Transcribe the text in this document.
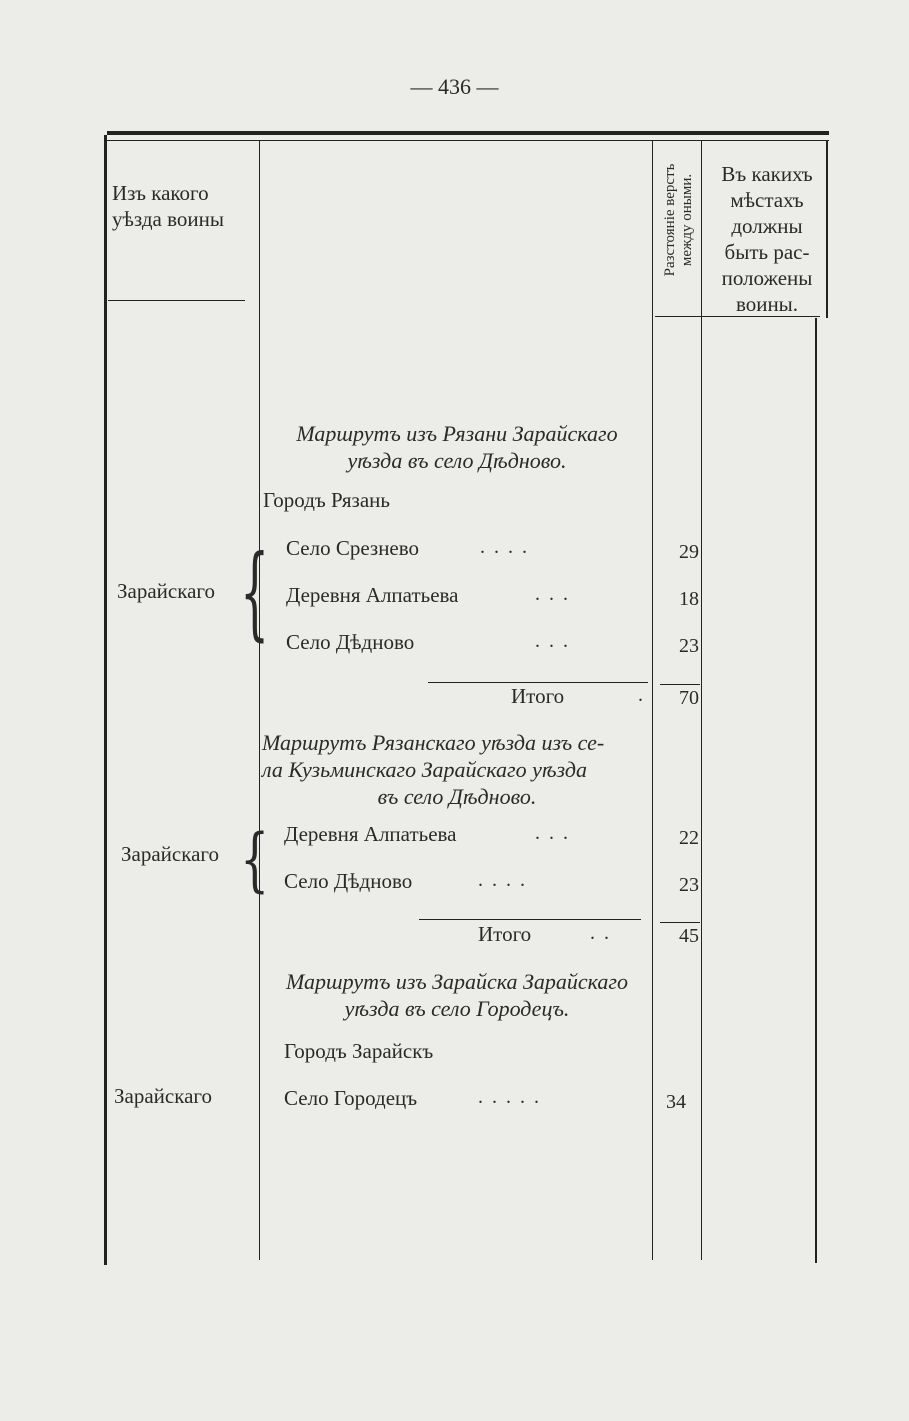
— 436 —
Изъ какого
уѣзда воины	Разстояніе верстъ между оными.	Въ какихъ
мѣстахъ
должны
быть рас-
положены
воины.
Маршрутъ изъ Рязани Зарайскаго
уѣзда въ село Дѣдново.
Городъ Рязань
Зарайскаго { Село Срезнево	. . . .	29
Деревня Алпатьева	. . .	18
Село Дѣдново	. . .	23
Итого	.	70
Маршрутъ Рязанскаго уѣзда изъ се-
ла Кузьминскаго Зарайскаго уѣзда
въ село Дѣдново.
Зарайскаго { Деревня Алпатьева	. . .	22
Село Дѣдново	. . . .	23
Итого	. .	45
Маршрутъ изъ Зарайска Зарайскаго
уѣзда въ село Городецъ.
Городъ Зарайскъ
Зарайскаго	Село Городецъ	. . . . .	34
